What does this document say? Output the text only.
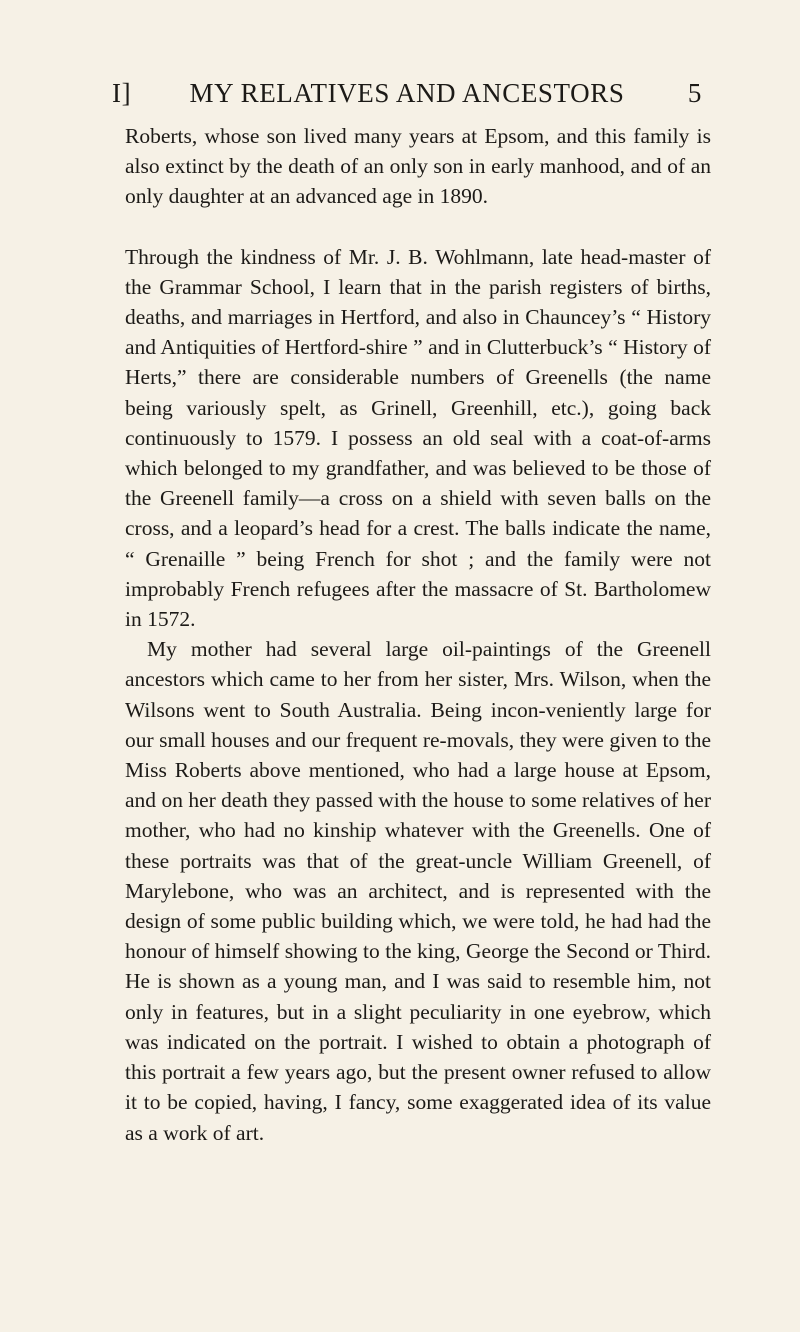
I]	MY RELATIVES AND ANCESTORS	5

Roberts, whose son lived many years at Epsom, and this family is also extinct by the death of an only son in early manhood, and of an only daughter at an advanced age in 1890.

Through the kindness of Mr. J. B. Wohlmann, late head-master of the Grammar School, I learn that in the parish registers of births, deaths, and marriages in Hertford, and also in Chauncey’s “ History and Antiquities of Hertford-shire ” and in Clutterbuck’s “ History of Herts,” there are considerable numbers of Greenells (the name being variously spelt, as Grinell, Greenhill, etc.), going back continuously to 1579. I possess an old seal with a coat-of-arms which belonged to my grandfather, and was believed to be those of the Greenell family—a cross on a shield with seven balls on the cross, and a leopard’s head for a crest. The balls indicate the name, “ Grenaille ” being French for shot ; and the family were not improbably French refugees after the massacre of St. Bartholomew in 1572.

My mother had several large oil-paintings of the Greenell ancestors which came to her from her sister, Mrs. Wilson, when the Wilsons went to South Australia. Being incon-veniently large for our small houses and our frequent re-movals, they were given to the Miss Roberts above mentioned, who had a large house at Epsom, and on her death they passed with the house to some relatives of her mother, who had no kinship whatever with the Greenells. One of these portraits was that of the great-uncle William Greenell, of Marylebone, who was an architect, and is represented with the design of some public building which, we were told, he had had the honour of himself showing to the king, George the Second or Third. He is shown as a young man, and I was said to resemble him, not only in features, but in a slight peculiarity in one eyebrow, which was indicated on the portrait. I wished to obtain a photograph of this portrait a few years ago, but the present owner refused to allow it to be copied, having, I fancy, some exaggerated idea of its value as a work of art.
